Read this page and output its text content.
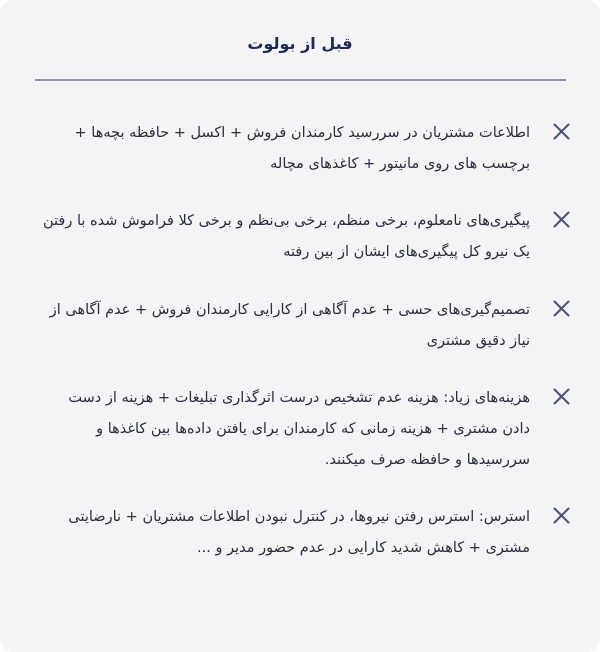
قبل از بولوت
اطلاعات مشتریان در سررسید کارمندان فروش + اکسل + حافظه بچه‌ها + برچسب های روی مانیتور + کاغذهای مچاله
پیگیری‌های نامعلوم، برخی منظم، برخی بی‌نظم و برخی کلا فراموش شده با رفتن یک نیرو کل پیگیری‌های ایشان از بین رفته
تصمیم‌گیری‌های حسی + عدم آگاهی از کارایی کارمندان فروش + عدم آگاهی از نیاز دقیق مشتری
هزینه‌های زیاد: هزینه عدم تشخیص درست اثرگذاری تبلیغات + هزینه از دست دادن مشتری + هزینه زمانی که کارمندان برای یافتن داده‌ها بین کاغذها و سررسیدها و حافظه صرف میکنند.
استرس: استرس رفتن نیروها، در کنترل نبودن اطلاعات مشتریان + نارضایتی مشتری + کاهش شدید کارایی در عدم حضور مدیر و ...
